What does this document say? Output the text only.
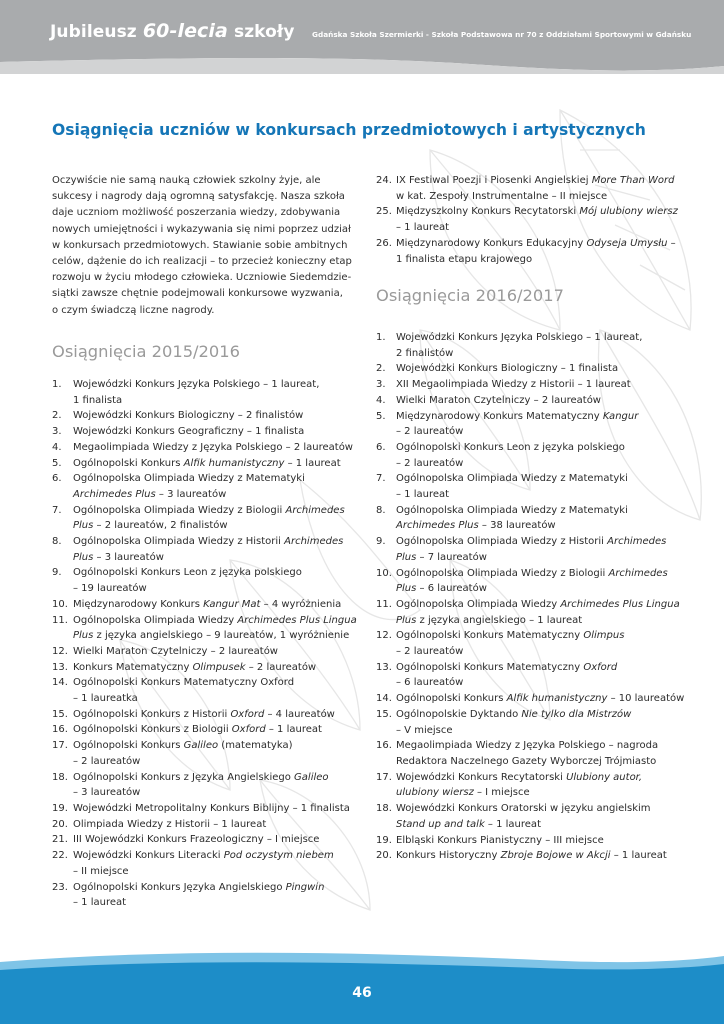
Jubileusz 60-lecia szkoły Gdańska Szkoła Szermierki - Szkoła Podstawowa nr 70 z Oddziałami Sportowymi w Gdańsku
Osiągnięcia uczniów w konkursach przedmiotowych i artystycznych
Oczywiście nie samą nauką człowiek szkolny żyje, ale
sukcesy i nagrody dają ogromną satysfakcję. Nasza szkoła
daje uczniom możliwość poszerzania wiedzy, zdobywania
nowych umiejętności i wykazywania się nimi poprzez udział
w konkursach przedmiotowych. Stawianie sobie ambitnych
celów, dążenie do ich realizacji – to przecież konieczny etap
rozwoju w życiu młodego człowieka. Uczniowie Siedemdzie-
siątki zawsze chętnie podejmowali konkursowe wyzwania,
o czym świadczą liczne nagrody.
Osiągnięcia 2015/2016
1. Wojewódzki Konkurs Języka Polskiego – 1 laureat,
1 finalista
2. Wojewódzki Konkurs Biologiczny – 2 finalistów
3. Wojewódzki Konkurs Geograficzny – 1 finalista
4. Megaolimpiada Wiedzy z Języka Polskiego – 2 laureatów
5. Ogólnopolski Konkurs Alfik humanistyczny – 1 laureat
6. Ogólnopolska Olimpiada Wiedzy z Matematyki
Archimedes Plus – 3 laureatów
7. Ogólnopolska Olimpiada Wiedzy z Biologii Archimedes
Plus – 2 laureatów, 2 finalistów
8. Ogólnopolska Olimpiada Wiedzy z Historii Archimedes
Plus – 3 laureatów
9. Ogólnopolski Konkurs Leon z języka polskiego
– 19 laureatów
10. Międzynarodowy Konkurs Kangur Mat – 4 wyróżnienia
11. Ogólnopolska Olimpiada Wiedzy Archimedes Plus Lingua
Plus z języka angielskiego – 9 laureatów, 1 wyróżnienie
12. Wielki Maraton Czytelniczy – 2 laureatów
13. Konkurs Matematyczny Olimpusek – 2 laureatów
14. Ogólnopolski Konkurs Matematyczny Oxford
– 1 laureatka
15. Ogólnopolski Konkurs z Historii Oxford – 4 laureatów
16. Ogólnopolski Konkurs z Biologii Oxford – 1 laureat
17. Ogólnopolski Konkurs Galileo (matematyka)
– 2 laureatów
18. Ogólnopolski Konkurs z Języka Angielskiego Galileo
– 3 laureatów
19. Wojewódzki Metropolitalny Konkurs Biblijny – 1 finalista
20. Olimpiada Wiedzy z Historii – 1 laureat
21. III Wojewódzki Konkurs Frazeologiczny – I miejsce
22. Wojewódzki Konkurs Literacki Pod oczystym niebem
– II miejsce
23. Ogólnopolski Konkurs Języka Angielskiego Pingwin
– 1 laureat
24. IX Festiwal Poezji i Piosenki Angielskiej More Than Word
w kat. Zespoły Instrumentalne – II miejsce
25. Międzyszkolny Konkurs Recytatorski Mój ulubiony wiersz
– 1 laureat
26. Międzynarodowy Konkurs Edukacyjny Odyseja Umysłu –
1 finalista etapu krajowego
Osiągnięcia 2016/2017
1. Wojewódzki Konkurs Języka Polskiego – 1 laureat,
2 finalistów
2. Wojewódzki Konkurs Biologiczny – 1 finalista
3. XII Megaolimpiada Wiedzy z Historii – 1 laureat
4. Wielki Maraton Czytelniczy – 2 laureatów
5. Międzynarodowy Konkurs Matematyczny Kangur
– 2 laureatów
6. Ogólnopolski Konkurs Leon z języka polskiego
– 2 laureatów
7. Ogólnopolska Olimpiada Wiedzy z Matematyki
– 1 laureat
8. Ogólnopolska Olimpiada Wiedzy z Matematyki
Archimedes Plus – 38 laureatów
9. Ogólnopolska Olimpiada Wiedzy z Historii Archimedes
Plus – 7 laureatów
10. Ogólnopolska Olimpiada Wiedzy z Biologii Archimedes
Plus – 6 laureatów
11. Ogólnopolska Olimpiada Wiedzy Archimedes Plus Lingua
Plus z języka angielskiego – 1 laureat
12. Ogólnopolski Konkurs Matematyczny Olimpus
– 2 laureatów
13. Ogólnopolski Konkurs Matematyczny Oxford
– 6 laureatów
14. Ogólnopolski Konkurs Alfik humanistyczny – 10 laureatów
15. Ogólnopolskie Dyktando Nie tylko dla Mistrzów
– V miejsce
16. Megaolimpiada Wiedzy z Języka Polskiego – nagroda
Redaktora Naczelnego Gazety Wyborczej Trójmiasto
17. Wojewódzki Konkurs Recytatorski Ulubiony autor,
ulubiony wiersz – I miejsce
18. Wojewódzki Konkurs Oratorski w języku angielskim
Stand up and talk – 1 laureat
19. Elbląski Konkurs Pianistyczny – III miejsce
20. Konkurs Historyczny Zbroje Bojowe w Akcji – 1 laureat
46
